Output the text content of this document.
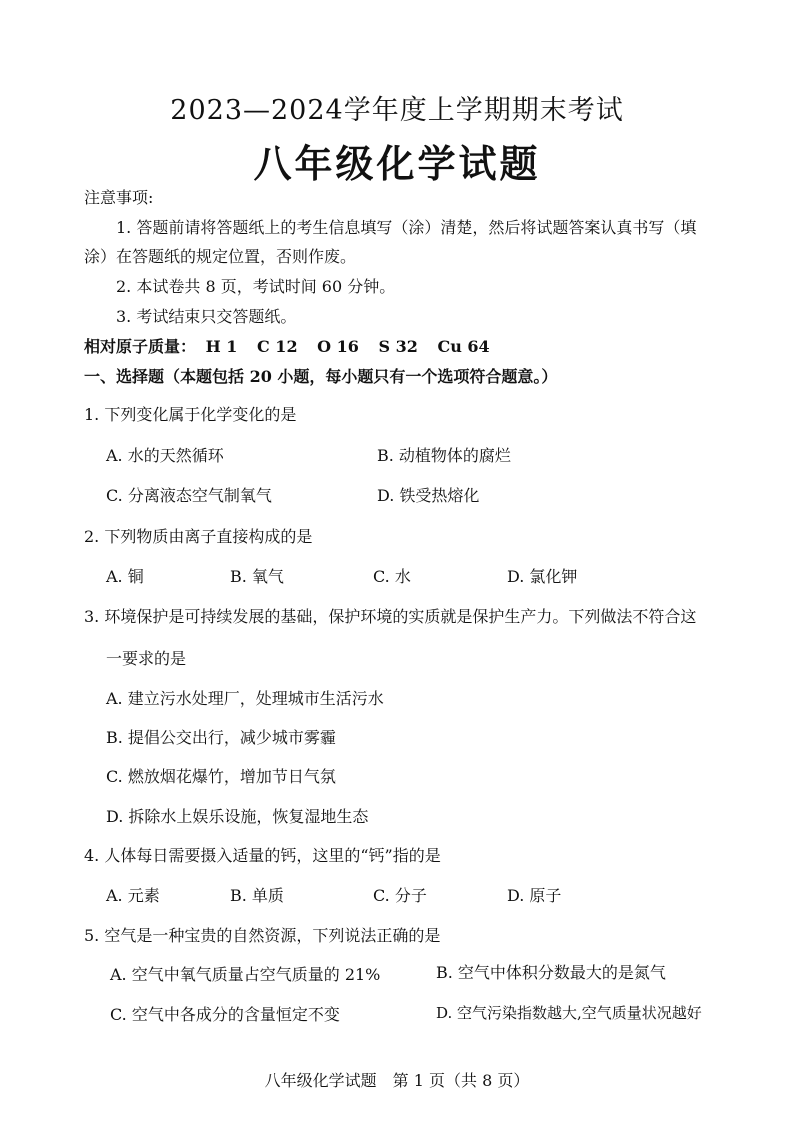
2023—2024学年度上学期期末考试
八年级化学试题
注意事项:
1. 答题前请将答题纸上的考生信息填写（涂）清楚，然后将试题答案认真书写（填
涂）在答题纸的规定位置，否则作废。
2. 本试卷共 8 页，考试时间 60 分钟。
3. 考试结束只交答题纸。
相对原子质量： H 1 C 12 O 16 S 32 Cu 64
一、选择题（本题包括 20 小题，每小题只有一个选项符合题意。）
1. 下列变化属于化学变化的是
A. 水的天然循环	B. 动植物体的腐烂
C. 分离液态空气制氧气	D. 铁受热熔化
2. 下列物质由离子直接构成的是
A. 铜	B. 氧气	C. 水	D. 氯化钾
3. 环境保护是可持续发展的基础，保护环境的实质就是保护生产力。下列做法不符合这
一要求的是
A. 建立污水处理厂，处理城市生活污水
B. 提倡公交出行，减少城市雾霾
C. 燃放烟花爆竹，增加节日气氛
D. 拆除水上娱乐设施，恢复湿地生态
4. 人体每日需要摄入适量的钙，这里的“钙”指的是
A. 元素	B. 单质	C. 分子	D. 原子
5. 空气是一种宝贵的自然资源，下列说法正确的是
A. 空气中氧气质量占空气质量的 21%	B. 空气中体积分数最大的是氮气
C. 空气中各成分的含量恒定不变	D. 空气污染指数越大,空气质量状况越好
八年级化学试题　第 1 页（共 8 页）
